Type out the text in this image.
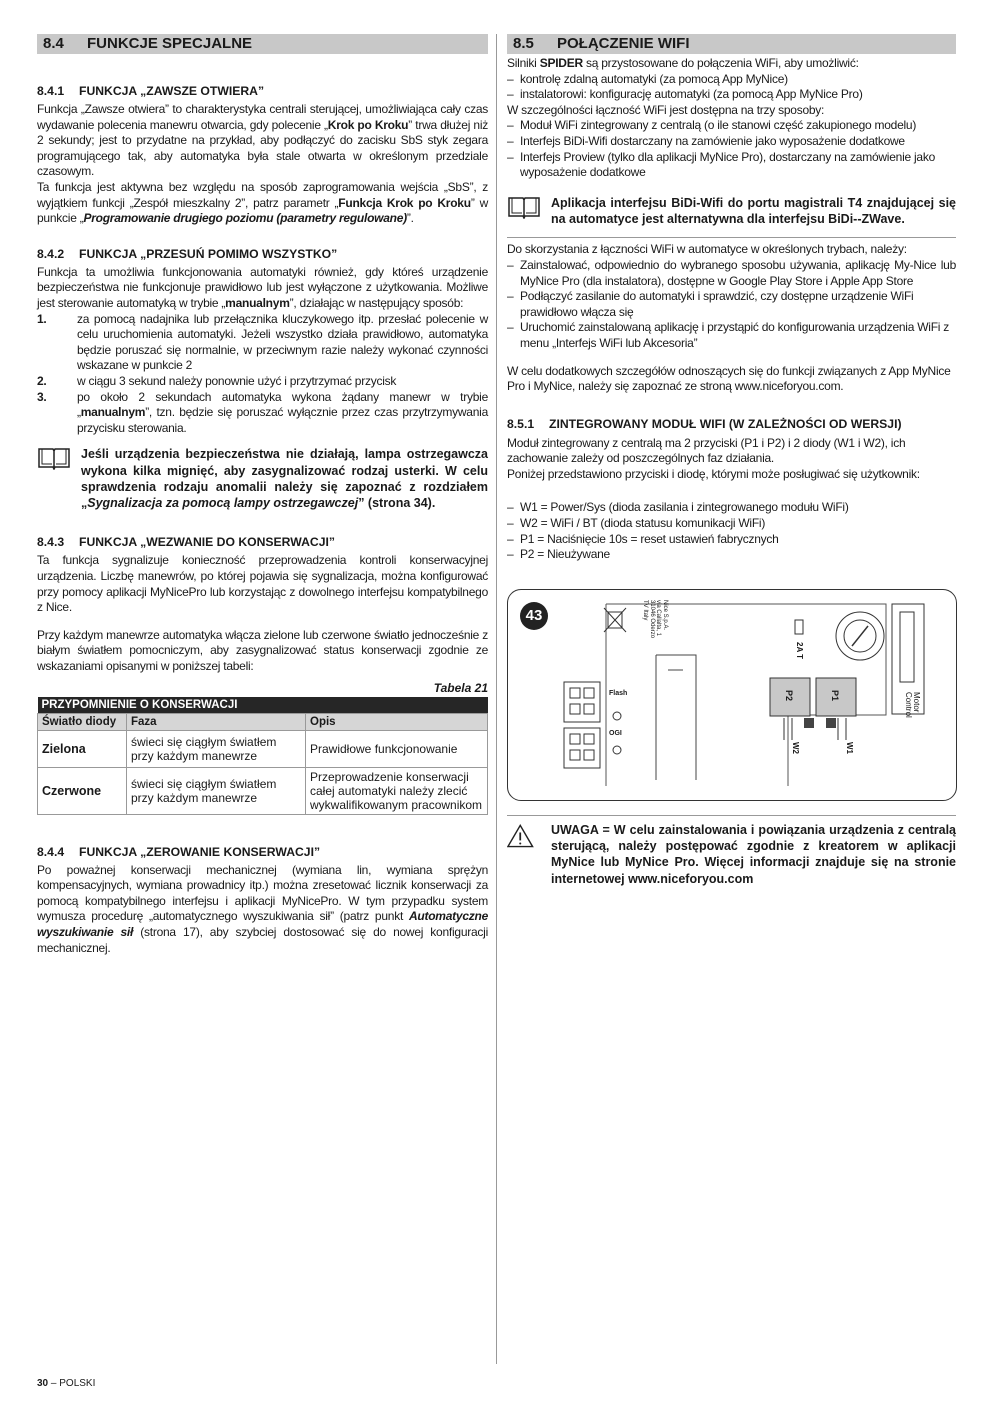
8.4 FUNKCJE SPECJALNE
8.4.1 FUNKCJA „ZAWSZE OTWIERA”

Funkcja „Zawsze otwiera” to charakterystyka centrali sterującej, umożliwiająca cały czas wydawanie polecenia manewru otwarcia, gdy polecenie „Krok po Kroku” trwa dłużej niż 2 sekundy; jest to przydatne na przykład, aby podłączyć do zacisku SbS styk zegara programującego tak, aby automatyka była stale otwarta w określonym przedziale czasowym.

Ta funkcja jest aktywna bez względu na sposób zaprogramowania wejścia „SbS”, z wyjątkiem funkcji „Zespół mieszkalny 2”, patrz parametr „Funkcja Krok po Kroku” w punkcie „Programowanie drugiego poziomu (parametry regulowane)”.

8.4.2 FUNKCJA „PRZESUŃ POMIMO WSZYSTKO”

Funkcja ta umożliwia funkcjonowania automatyki również, gdy któreś urządzenie bezpieczeństwa nie funkcjonuje prawidłowo lub jest wyłączone z użytkowania. Możliwe jest sterowanie automatyką w trybie „manualnym”, działając w następujący sposób:

1.	za pomocą nadajnika lub przełącznika kluczykowego itp. przesłać polecenie w celu uruchomienia automatyki. Jeżeli wszystko działa prawidłowo, automatyka będzie poruszać się normalnie, w przeciwnym razie należy wykonać czynności wskazane w punkcie 2
2.	w ciągu 3 sekund należy ponownie użyć i przytrzymać przycisk
3.	po około 2 sekundach automatyka wykona żądany manewr w trybie „manualnym”, tzn. będzie się poruszać wyłącznie przez czas przytrzymywania przycisku sterowania.
Jeśli urządzenia bezpieczeństwa nie działają, lampa ostrzegawcza wykona kilka mignięć, aby zasygnalizować rodzaj usterki. W celu sprawdzenia rodzaju anomalii należy się zapoznać z rozdziałem „Sygnalizacja za pomocą lampy ostrzegawczej” (strona 34).
8.4.3 FUNKCJA „WEZWANIE DO KONSERWACJI”

Ta funkcja sygnalizuje konieczność przeprowadzenia kontroli konserwacyjnej urządzenia. Liczbę manewrów, po której pojawia się sygnalizacja, można konfigurować przy pomocy aplikacji MyNicePro lub korzystając z dowolnego interfejsu kompatybilnego z Nice.

Przy każdym manewrze automatyka włącza zielone lub czerwone światło jednocześnie z białym światłem pomocniczym, aby zasygnalizować status konserwacji zgodnie ze wskazaniami opisanymi w poniższej tabeli:

Tabela 21
PRZYPOMNIENIE O KONSERWACJI		
Światło diody	Faza	Opis
Zielona	świeci się ciągłym światłem przy każdym manewrze	Prawidłowe funkcjonowanie
Czerwone	świeci się ciągłym światłem przy każdym manewrze	Przeprowadzenie konserwacji całej automatyki należy zlecić wykwalifikowanym pracownikom
8.4.4 FUNKCJA „ZEROWANIE KONSERWACJI”

Po poważnej konserwacji mechanicznej (wymiana lin, wymiana sprężyn kompensacyjnych, wymiana prowadnicy itp.) można zresetować licznik konserwacji za pomocą kompatybilnego interfejsu i aplikacji MyNicePro. W tym przypadku system wymusza procedurę „automatycznego wyszukiwania sił” (patrz punkt Automatyczne wyszukiwanie sił (strona 17), aby szybciej dostosować się do nowej konfiguracji mechanicznej.

8.5 POŁĄCZENIE WIFI

Silniki SPIDER są przystosowane do połączenia WiFi, aby umożliwić:

– kontrolę zdalną automatyki (za pomocą App MyNice)
– instalatorowi: konfigurację automatyki (za pomocą App MyNice Pro)

W szczególności łączność WiFi jest dostępna na trzy sposoby:

– Moduł WiFi zintegrowany z centralą (o ile stanowi część zakupionego modelu)
– Interfejs BiDi-Wifi dostarczany na zamówienie jako wyposażenie dodatkowe
– Interfejs Proview (tylko dla aplikacji MyNice Pro), dostarczany na zamówienie jako wyposażenie dodatkowe
Aplikacja interfejsu BiDi-Wifi do portu magistrali T4 znajdującej się na automatyce jest alternatywna dla interfejsu BiDi--ZWave.

Do skorzystania z łączności WiFi w automatyce w określonych trybach, należy:

– Zainstalować, odpowiednio do wybranego sposobu używania, aplikację My-Nice lub MyNice Pro (dla instalatora), dostępne w Google Play Store i Apple App Store
– Podłączyć zasilanie do automatyki i sprawdzić, czy dostępne urządzenie WiFi prawidłowo włącza się
– Uruchomić zainstalowaną aplikację i przystąpić do konfigurowania urządzenia WiFi z menu „Interfejs WiFi lub Akcesoria”

W celu dodatkowych szczegółów odnoszących się do funkcji związanych z App MyNice Pro i MyNice, należy się zapoznać ze stroną www.niceforyou.com.

8.5.1 ZINTEGROWANY MODUŁ WIFI (W ZALEŻNOŚCI OD WERSJI)

Moduł zintegrowany z centralą ma 2 przyciski (P1 i P2) i 2 diody (W1 i W2), ich zachowanie zależy od poszczególnych faz działania.

Poniżej przedstawiono przyciski i diodę, którymi może posługiwać się użytkownik:

– W1 = Power/Sys (dioda zasilania i zintegrowanego modułu WiFi)
– W2 = WiFi / BT (dioda statusu komunikacji WiFi)
– P1 = Naciśnięcie 10s = reset ustawień fabrycznych
– P2 = Nieużywane
43	Nice S.p.A.
via Callalta, 1
31046 Oderzo
TV Italy
2A T
P2	P1
W2	W1
Flash
OGI
Motor
Control
UWAGA = W celu zainstalowania i powiązania urządzenia z centralą sterującą, należy postępować zgodnie z kreatorem w aplikacji MyNice lub MyNice Pro. Więcej informacji znajduje się na stronie internetowej www.niceforyou.com
30 – POLSKI
